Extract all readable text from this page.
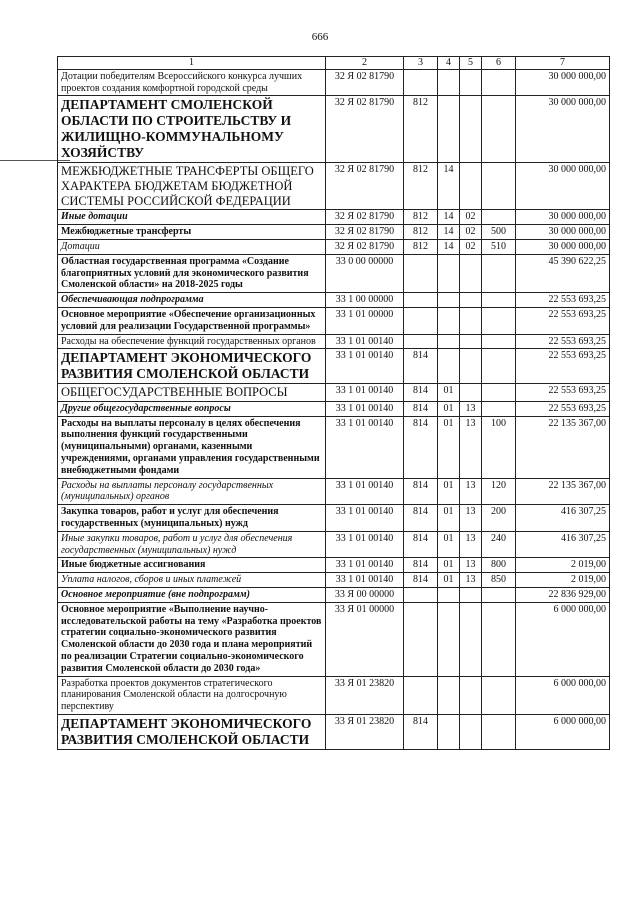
666
1	2	3	4	5	6	7
Дотации победителям Всероссийского конкурса лучших проектов создания комфортной городской среды	32 Я 02 81790					30 000 000,00
ДЕПАРТАМЕНТ СМОЛЕНСКОЙ ОБЛАСТИ ПО СТРОИТЕЛЬСТВУ И ЖИЛИЩНО-КОММУНАЛЬНОМУ ХОЗЯЙСТВУ	32 Я 02 81790	812				30 000 000,00
МЕЖБЮДЖЕТНЫЕ ТРАНСФЕРТЫ ОБЩЕГО ХАРАКТЕРА БЮДЖЕТАМ БЮДЖЕТНОЙ СИСТЕМЫ РОССИЙСКОЙ ФЕДЕРАЦИИ	32 Я 02 81790	812	14			30 000 000,00
Иные дотации	32 Я 02 81790	812	14	02		30 000 000,00
Межбюджетные трансферты	32 Я 02 81790	812	14	02	500	30 000 000,00
Дотации	32 Я 02 81790	812	14	02	510	30 000 000,00
Областная государственная программа «Создание благоприятных условий для экономического развития Смоленской области» на 2018-2025 годы	33 0 00 00000					45 390 622,25
Обеспечивающая подпрограмма	33 1 00 00000					22 553 693,25
Основное мероприятие «Обеспечение организационных условий для реализации Государственной программы»	33 1 01 00000					22 553 693,25
Расходы на обеспечение функций государственных органов	33 1 01 00140					22 553 693,25
ДЕПАРТАМЕНТ ЭКОНОМИЧЕСКОГО РАЗВИТИЯ СМОЛЕНСКОЙ ОБЛАСТИ	33 1 01 00140	814				22 553 693,25
ОБЩЕГОСУДАРСТВЕННЫЕ ВОПРОСЫ	33 1 01 00140	814	01			22 553 693,25
Другие общегосударственные вопросы	33 1 01 00140	814	01	13		22 553 693,25
Расходы на выплаты персоналу в целях обеспечения выполнения функций государственными (муниципальными) органами, казенными учреждениями, органами управления государственными внебюджетными фондами	33 1 01 00140	814	01	13	100	22 135 367,00
Расходы на выплаты персоналу государственных (муниципальных) органов	33 1 01 00140	814	01	13	120	22 135 367,00
Закупка товаров, работ и услуг для обеспечения государственных (муниципальных) нужд	33 1 01 00140	814	01	13	200	416 307,25
Иные закупки товаров, работ и услуг для обеспечения государственных (муниципальных) нужд	33 1 01 00140	814	01	13	240	416 307,25
Иные бюджетные ассигнования	33 1 01 00140	814	01	13	800	2 019,00
Уплата налогов, сборов и иных платежей	33 1 01 00140	814	01	13	850	2 019,00
Основное мероприятие (вне подпрограмм)	33 Я 00 00000					22 836 929,00
Основное мероприятие «Выполнение научно-исследовательской работы на тему «Разработка проектов стратегии социально-экономического развития Смоленской области до 2030 года и плана мероприятий по реализации Стратегии социально-экономического развития Смоленской области до 2030 года»	33 Я 01 00000					6 000 000,00
Разработка проектов документов стратегического планирования Смоленской области на долгосрочную перспективу	33 Я 01 23820					6 000 000,00
ДЕПАРТАМЕНТ ЭКОНОМИЧЕСКОГО РАЗВИТИЯ СМОЛЕНСКОЙ ОБЛАСТИ	33 Я 01 23820	814				6 000 000,00
